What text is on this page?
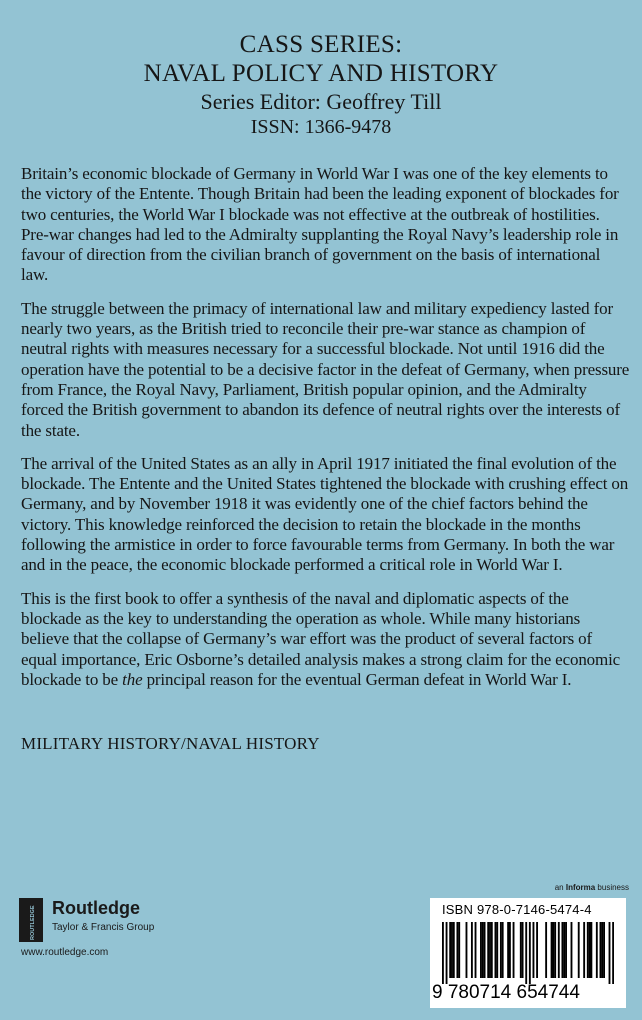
CASS SERIES:
NAVAL POLICY AND HISTORY
Series Editor: Geoffrey Till
ISSN: 1366-9478

Britain’s economic blockade of Germany in World War I was one of the key elements to the victory of the Entente. Though Britain had been the leading exponent of blockades for two centuries, the World War I blockade was not effective at the outbreak of hostilities. Pre-war changes had led to the Admiralty supplanting the Royal Navy’s leadership role in favour of direction from the civilian branch of government on the basis of international law.

The struggle between the primacy of international law and military expediency lasted for nearly two years, as the British tried to reconcile their pre-war stance as champion of neutral rights with measures necessary for a successful blockade. Not until 1916 did the operation have the potential to be a decisive factor in the defeat of Germany, when pressure from France, the Royal Navy, Parliament, British popular opinion, and the Admiralty forced the British government to abandon its defence of neutral rights over the interests of the state.

The arrival of the United States as an ally in April 1917 initiated the final evolution of the blockade. The Entente and the United States tightened the blockade with crushing effect on Germany, and by November 1918 it was evidently one of the chief factors behind the victory. This knowledge reinforced the decision to retain the blockade in the months following the armistice in order to force favourable terms from Germany. In both the war and in the peace, the economic blockade performed a critical role in World War I.

This is the first book to offer a synthesis of the naval and diplomatic aspects of the blockade as the key to understanding the operation as whole. While many historians believe that the collapse of Germany’s war effort was the product of several factors of equal importance, Eric Osborne’s detailed analysis makes a strong claim for the economic blockade to be the principal reason for the eventual German defeat in World War I.

MILITARY HISTORY/NAVAL HISTORY
ROUTLEDGE Routledge
Taylor & Francis Group
www.routledge.com
an Informa business
ISBN 978-0-7146-5474-4
9 780714 654744
